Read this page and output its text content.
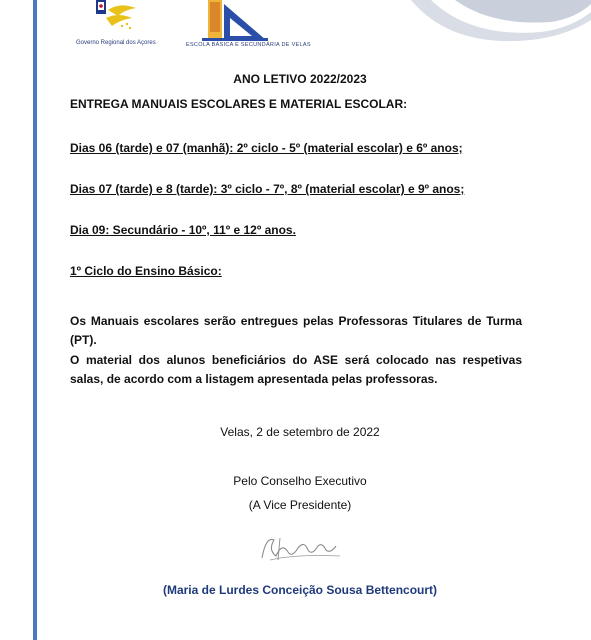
Governo Regional dos Açores	ESCOLA BÁSICA E SECUNDÁRIA DE VELAS
ANO LETIVO 2022/2023
ENTREGA MANUAIS ESCOLARES E MATERIAL ESCOLAR:
Dias 06 (tarde) e 07 (manhã): 2º ciclo - 5º (material escolar) e 6º anos;
Dias 07 (tarde) e 8 (tarde): 3º ciclo - 7º, 8º (material escolar) e 9º anos;
Dia 09: Secundário - 10º, 11º e 12º anos.
1º Ciclo do Ensino Básico:
Os Manuais escolares serão entregues pelas Professoras Titulares de Turma (PT).
O material dos alunos beneficiários do ASE será colocado nas respetivas salas, de acordo com a listagem apresentada pelas professoras.
Velas, 2 de setembro de 2022
Pelo Conselho Executivo
(A Vice Presidente)
(Maria de Lurdes Conceição Sousa Bettencourt)
